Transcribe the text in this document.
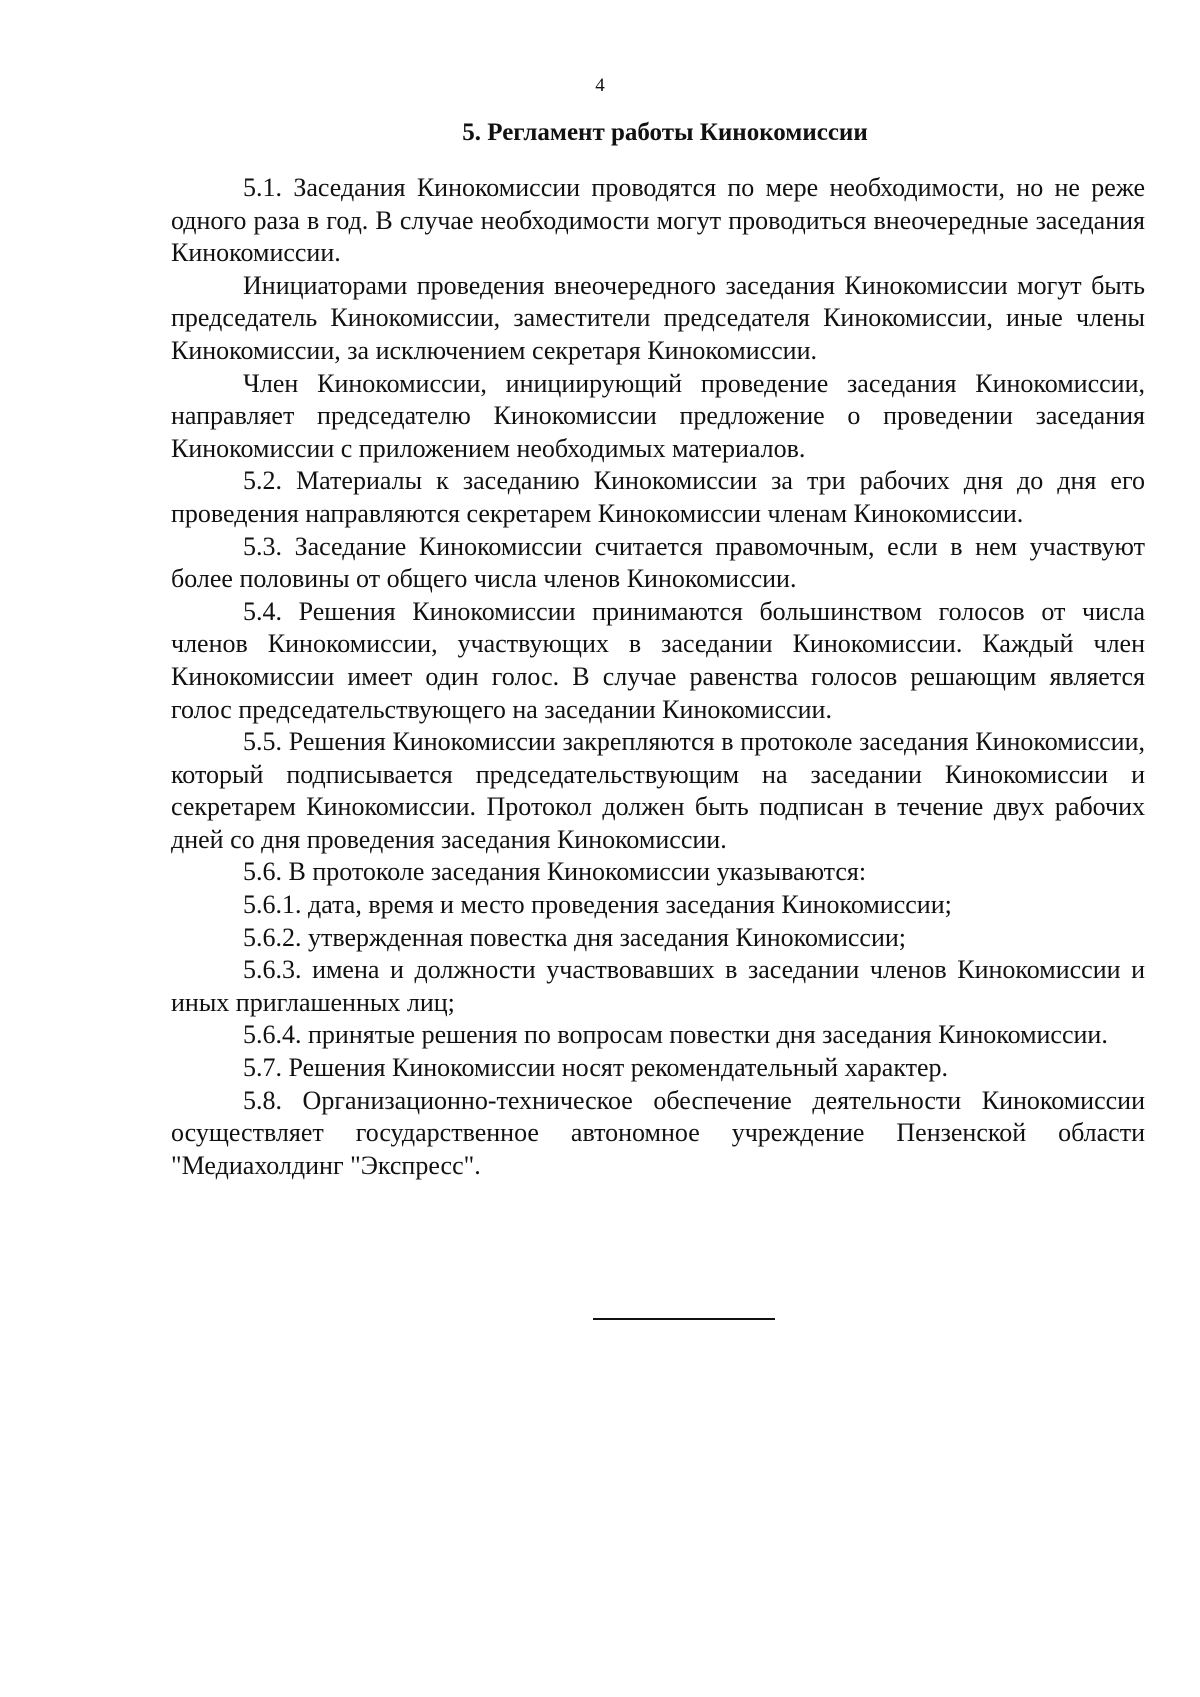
4
5. Регламент работы Кинокомиссии

5.1. Заседания Кинокомиссии проводятся по мере необходимости, но не реже одного раза в год. В случае необходимости могут проводиться внеочередные заседания Кинокомиссии.

Инициаторами проведения внеочередного заседания Кинокомиссии могут быть председатель Кинокомиссии, заместители председателя Кинокомиссии, иные члены Кинокомиссии, за исключением секретаря Кинокомиссии.

Член Кинокомиссии, инициирующий проведение заседания Кинокомиссии, направляет председателю Кинокомиссии предложение о проведении заседания Кинокомиссии с приложением необходимых материалов.

5.2. Материалы к заседанию Кинокомиссии за три рабочих дня до дня его проведения направляются секретарем Кинокомиссии членам Кинокомиссии.

5.3. Заседание Кинокомиссии считается правомочным, если в нем участвуют более половины от общего числа членов Кинокомиссии.

5.4. Решения Кинокомиссии принимаются большинством голосов от числа членов Кинокомиссии, участвующих в заседании Кинокомиссии. Каждый член Кинокомиссии имеет один голос. В случае равенства голосов решающим является голос председательствующего на заседании Кинокомиссии.

5.5. Решения Кинокомиссии закрепляются в протоколе заседания Кинокомиссии, который подписывается председательствующим на заседании Кинокомиссии и секретарем Кинокомиссии. Протокол должен быть подписан в течение двух рабочих дней со дня проведения заседания Кинокомиссии.

5.6. В протоколе заседания Кинокомиссии указываются:

5.6.1. дата, время и место проведения заседания Кинокомиссии;

5.6.2. утвержденная повестка дня заседания Кинокомиссии;

5.6.3. имена и должности участвовавших в заседании членов Кинокомиссии и иных приглашенных лиц;

5.6.4. принятые решения по вопросам повестки дня заседания Кинокомиссии.

5.7. Решения Кинокомиссии носят рекомендательный характер.

5.8. Организационно-техническое обеспечение деятельности Кинокомиссии осуществляет государственное автономное учреждение Пензенской области "Медиахолдинг "Экспресс".
